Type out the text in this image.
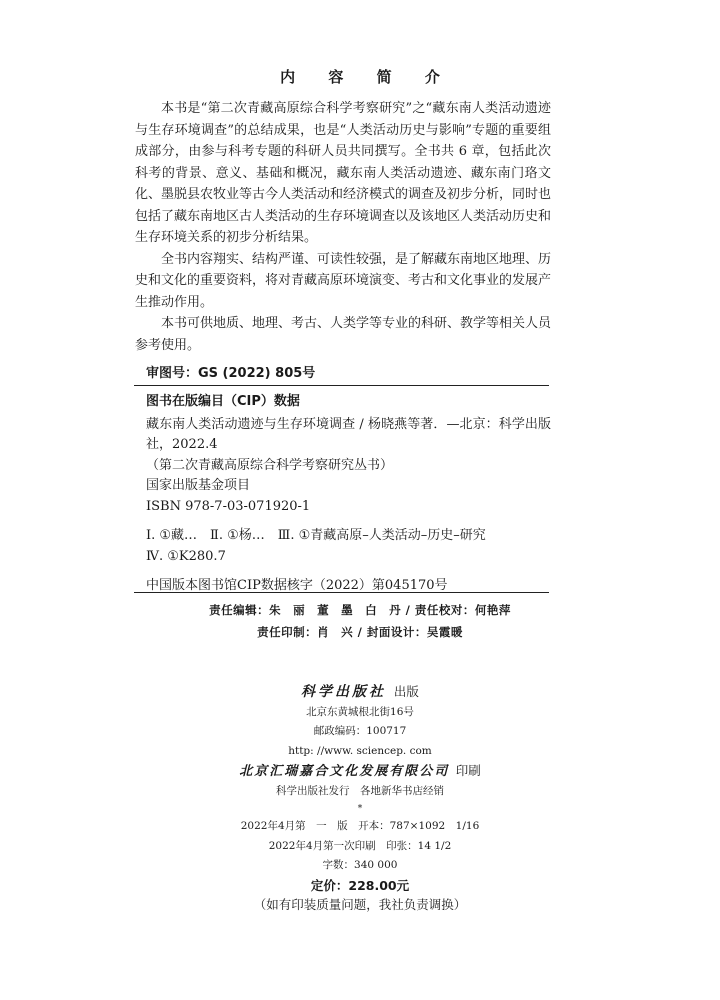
内 容 简 介

本书是“第二次青藏高原综合科学考察研究”之“藏东南人类活动遗迹与生存环境调查”的总结成果，也是“人类活动历史与影响”专题的重要组成部分，由参与科考专题的科研人员共同撰写。全书共 6 章，包括此次科考的背景、意义、基础和概况，藏东南人类活动遗迹、藏东南门珞文化、墨脱县农牧业等古今人类活动和经济模式的调查及初步分析，同时也包括了藏东南地区古人类活动的生存环境调查以及该地区人类活动历史和生存环境关系的初步分析结果。

全书内容翔实、结构严谨、可读性较强，是了解藏东南地区地理、历史和文化的重要资料，将对青藏高原环境演变、考古和文化事业的发展产生推动作用。

本书可供地质、地理、考古、人类学等专业的科研、教学等相关人员参考使用。

审图号：GS (2022) 805号
图书在版编目（CIP）数据
藏东南人类活动遗迹与生存环境调查 / 杨晓燕等著．—北京：科学出版社，2022.4
（第二次青藏高原综合科学考察研究丛书）
国家出版基金项目
ISBN 978-7-03-071920-1
Ⅰ. ①藏…　Ⅱ. ①杨…　Ⅲ. ①青藏高原–人类活动–历史–研究
Ⅳ. ①K280.7
中国版本图书馆CIP数据核字（2022）第045170号
责任编辑：朱　丽　董　墨　白　丹 / 责任校对：何艳萍
责任印制：肖　兴 / 封面设计：吴霞暖
科学出版社 出版
北京东黄城根北街16号
邮政编码：100717
http: //www. sciencep. com
北京汇瑞嘉合文化发展有限公司 印刷
科学出版社发行　各地新华书店经销
*
2022年4月第　一　版　开本：787×1092　1/16
2022年4月第一次印刷　印张：14 1/2
字数：340 000
定价：228.00元
（如有印装质量问题，我社负责调换）
